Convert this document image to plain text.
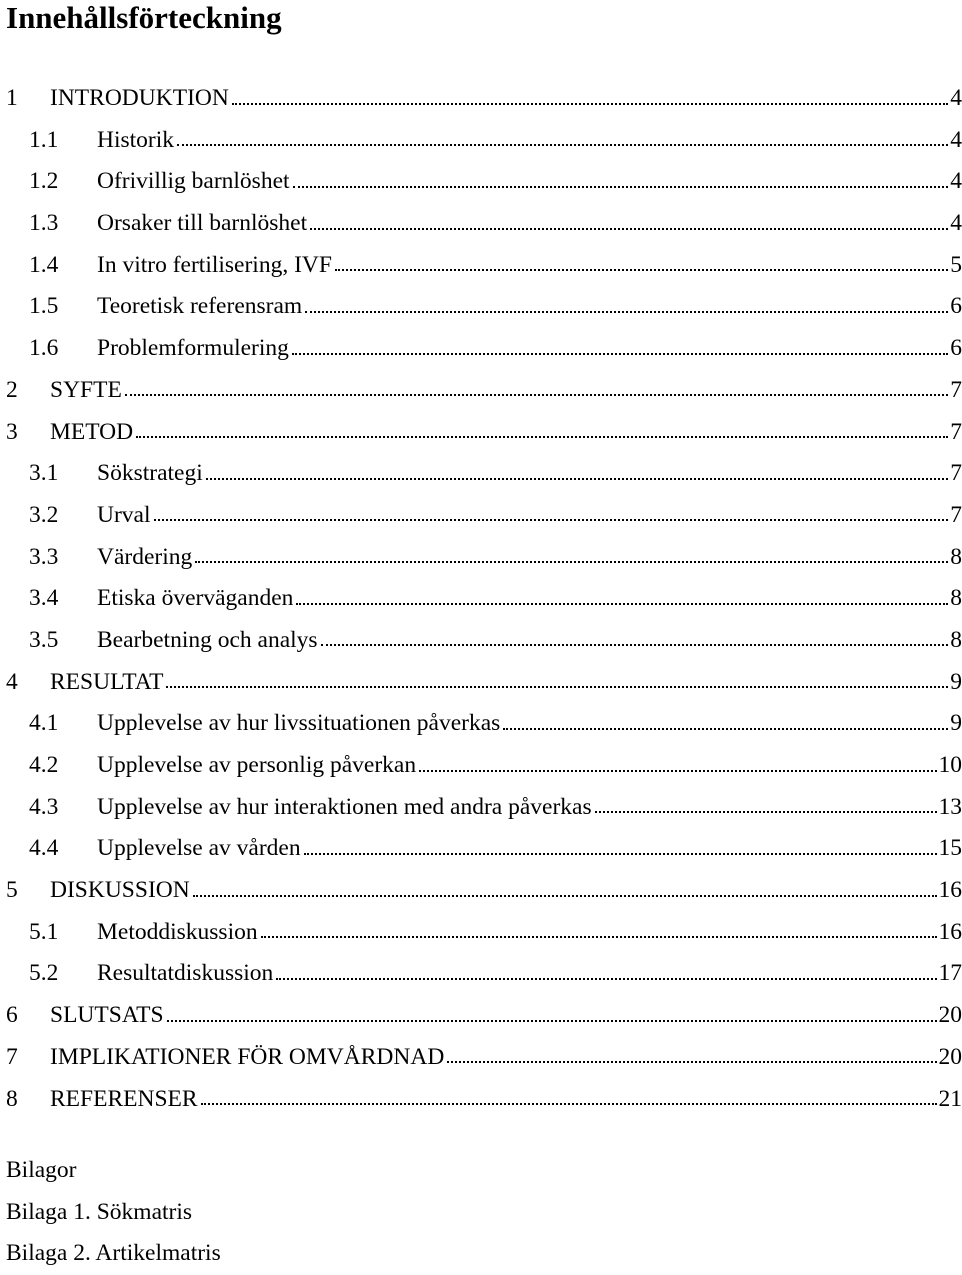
Innehållsförteckning
1	INTRODUKTION	4
1.1	Historik	4
1.2	Ofrivillig barnlöshet	4
1.3	Orsaker till barnlöshet	4
1.4	In vitro fertilisering, IVF	5
1.5	Teoretisk referensram	6
1.6	Problemformulering	6
2	SYFTE	7
3	METOD	7
3.1	Sökstrategi	7
3.2	Urval	7
3.3	Värdering	8
3.4	Etiska överväganden	8
3.5	Bearbetning och analys	8
4	RESULTAT	9
4.1	Upplevelse av hur livssituationen påverkas	9
4.2	Upplevelse av personlig påverkan	10
4.3	Upplevelse av hur interaktionen med andra påverkas	13
4.4	Upplevelse av vården	15
5	DISKUSSION	16
5.1	Metoddiskussion	16
5.2	Resultatdiskussion	17
6	SLUTSATS	20
7	IMPLIKATIONER FÖR OMVÅRDNAD	20
8	REFERENSER	21
Bilagor
Bilaga 1. Sökmatris
Bilaga 2. Artikelmatris
